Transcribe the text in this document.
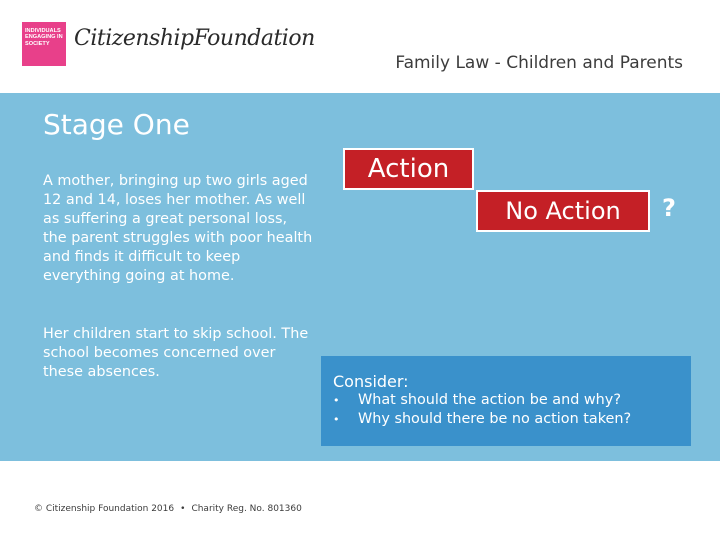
INDIVIDUALS
ENGAGING IN
SOCIETY	CitizenshipFoundation
Family Law - Children and Parents
Stage One

A mother, bringing up two girls aged 12 and 14, loses her mother. As well as suffering a great personal loss, the parent struggles with poor health and finds it difficult to keep everything going at home.

Her children start to skip school. The school becomes concerned over these absences.

Action
No Action	?

Consider:

• What should the action be and why?
• Why should there be no action taken?
© Citizenship Foundation 2016 • Charity Reg. No. 801360
